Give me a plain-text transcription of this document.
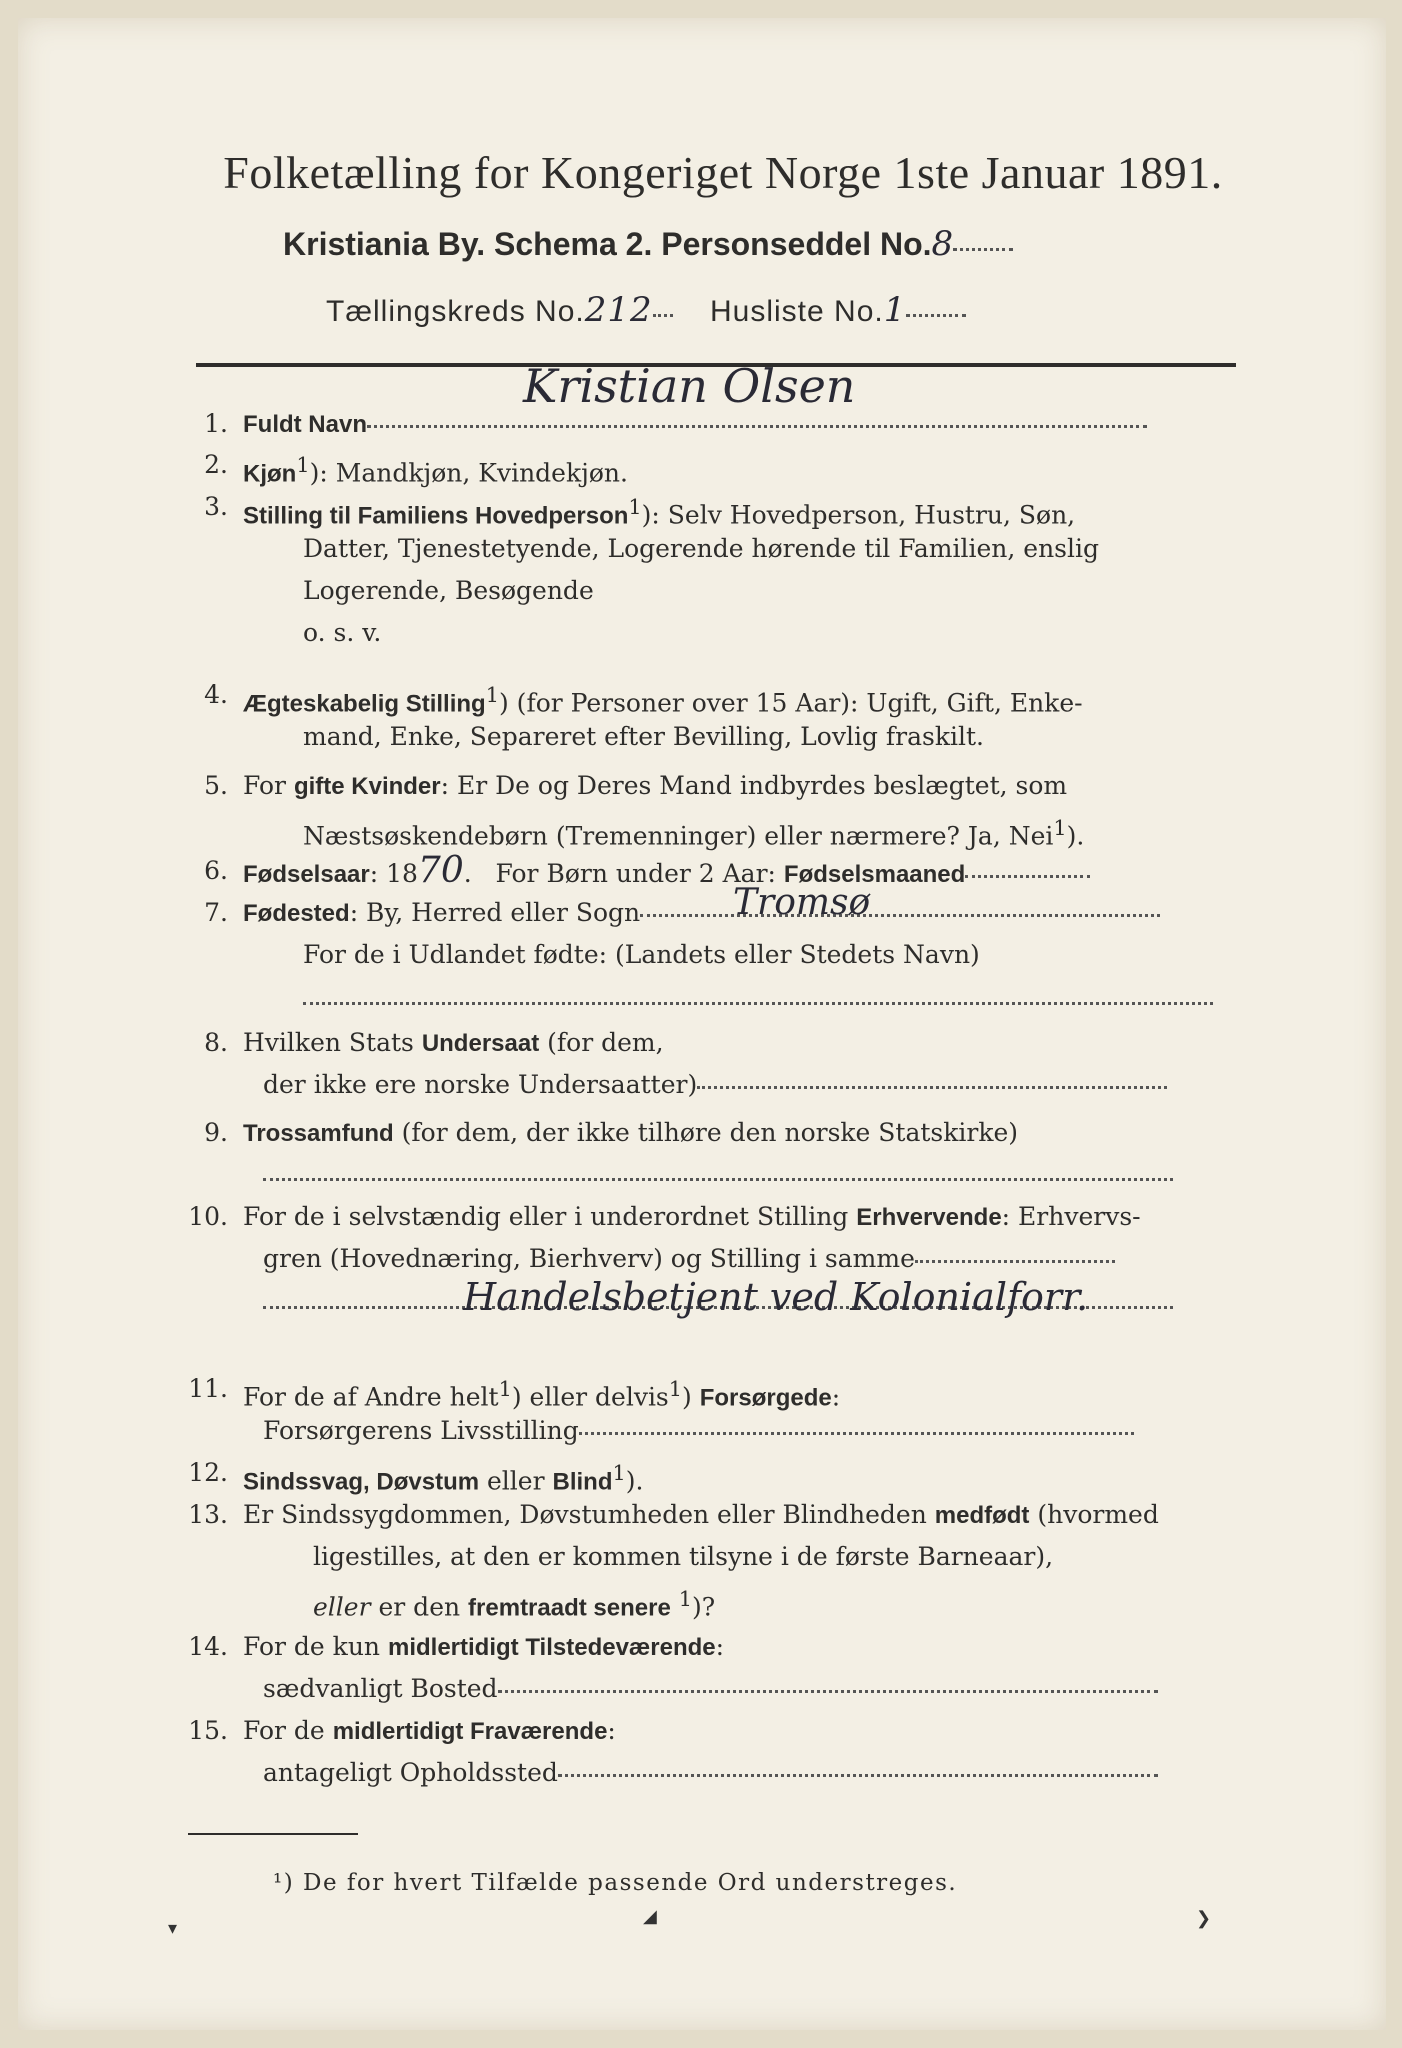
Folketælling for Kongeriget Norge 1ste Januar 1891.
Kristiania By. Schema 2. Personseddel No.8
Tællingskreds No.212 Husliste No.1
1. Fuldt Navn
Kristian Olsen
2. Kjøn$^1$): Mandkjøn, Kvindekjøn.
3. Stilling til Familiens Hovedperson$^1$): Selv Hovedperson, Hustru, Søn,
Datter, Tjenestetyende, Logerende hørende til Familien, enslig
Logerende, Besøgende
o. s. v.
4. Ægteskabelig Stilling$^1$) (for Personer over 15 Aar): Ugift, Gift, Enke-
mand, Enke, Separeret efter Bevilling, Lovlig fraskilt.
5. For gifte Kvinder: Er De og Deres Mand indbyrdes beslægtet, som
Næstsøskendebørn (Tremenninger) eller nærmere? Ja, Nei$^1$).
6. Fødselsaar: 1870.   For Børn under 2 Aar: Fødselsmaaned
7. Fødested: By, Herred eller Sogn	Tromsø
For de i Udlandet fødte: (Landets eller Stedets Navn)
8. Hvilken Stats Undersaat (for dem,
der ikke ere norske Undersaatter)
9. Trossamfund (for dem, der ikke tilhøre den norske Statskirke)
10. For de i selvstændig eller i underordnet Stilling Erhvervende: Erhvervs-
gren (Hovednæring, Bierhverv) og Stilling i samme
Handelsbetjent ved Kolonialforr.
11. For de af Andre helt$^1$) eller delvis$^1$) Forsørgede:
Forsørgerens Livsstilling
12. Sindssvag, Døvstum eller Blind$^1$).
13. Er Sindssygdommen, Døvstumheden eller Blindheden medfødt (hvormed
ligestilles, at den er kommen tilsyne i de første Barneaar),
eller er den fremtraadt senere $^1$)?
14. For de kun midlertidigt Tilstedeværende:
sædvanligt Bosted
15. For de midlertidigt Fraværende:
antageligt Opholdssted
¹) De for hvert Tilfælde passende Ord understreges.
▾
◢	❯
